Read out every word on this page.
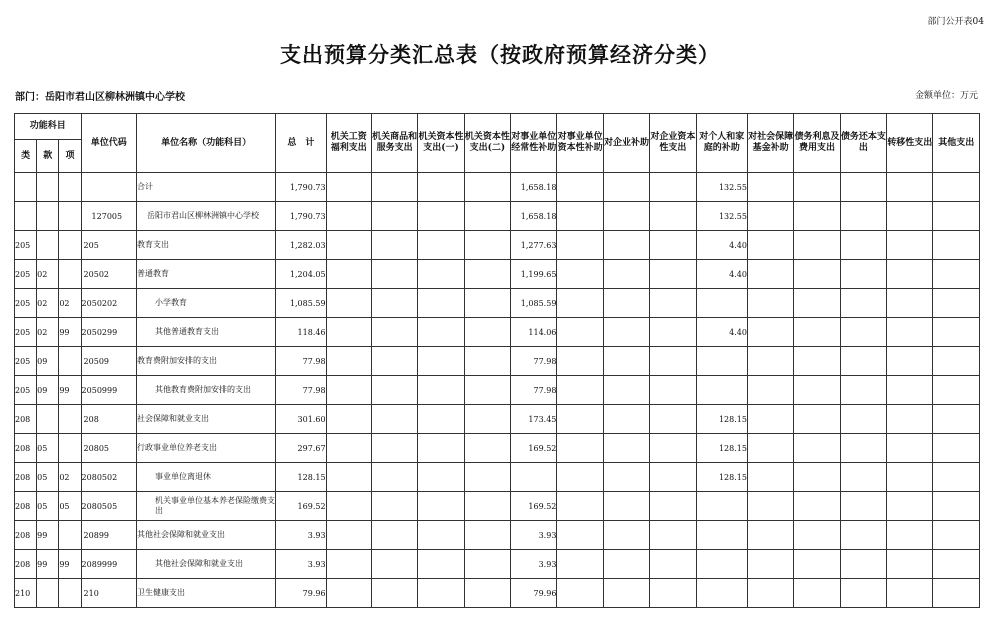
部门公开表04
支出预算分类汇总表（按政府预算经济分类）
部门：岳阳市君山区柳林洲镇中心学校	金额单位：万元
功能科目			单位代码	单位名称（功能科目）	总　计	机关工资福利支出	机关商品和服务支出	机关资本性支出(一)	机关资本性支出(二)	对事业单位经常性补助	对事业单位资本性补助	对企业补助	对企业资本性支出	对个人和家庭的补助	对社会保障基金补助	债务利息及费用支出	债务还本支出	转移性支出	其他支出
类	款	项																	
				合计	1,790.73					1,658.18				132.55					
			127005	岳阳市君山区柳林洲镇中心学校	1,790.73					1,658.18				132.55					
205			205	教育支出	1,282.03					1,277.63				4.40					
205	02		20502	普通教育	1,204.05					1,199.65				4.40					
205	02	02	2050202	小学教育	1,085.59					1,085.59									
205	02	99	2050299	其他普通教育支出	118.46					114.06				4.40					
205	09		20509	教育费附加安排的支出	77.98					77.98									
205	09	99	2050999	其他教育费附加安排的支出	77.98					77.98									
208			208	社会保障和就业支出	301.60					173.45				128.15					
208	05		20805	行政事业单位养老支出	297.67					169.52				128.15					
208	05	02	2080502	事业单位离退休	128.15									128.15					
208	05	05	2080505	机关事业单位基本养老保险缴费支出	169.52					169.52									
208	99		20899	其他社会保障和就业支出	3.93					3.93									
208	99	99	2089999	其他社会保障和就业支出	3.93					3.93									
210			210	卫生健康支出	79.96					79.96									
